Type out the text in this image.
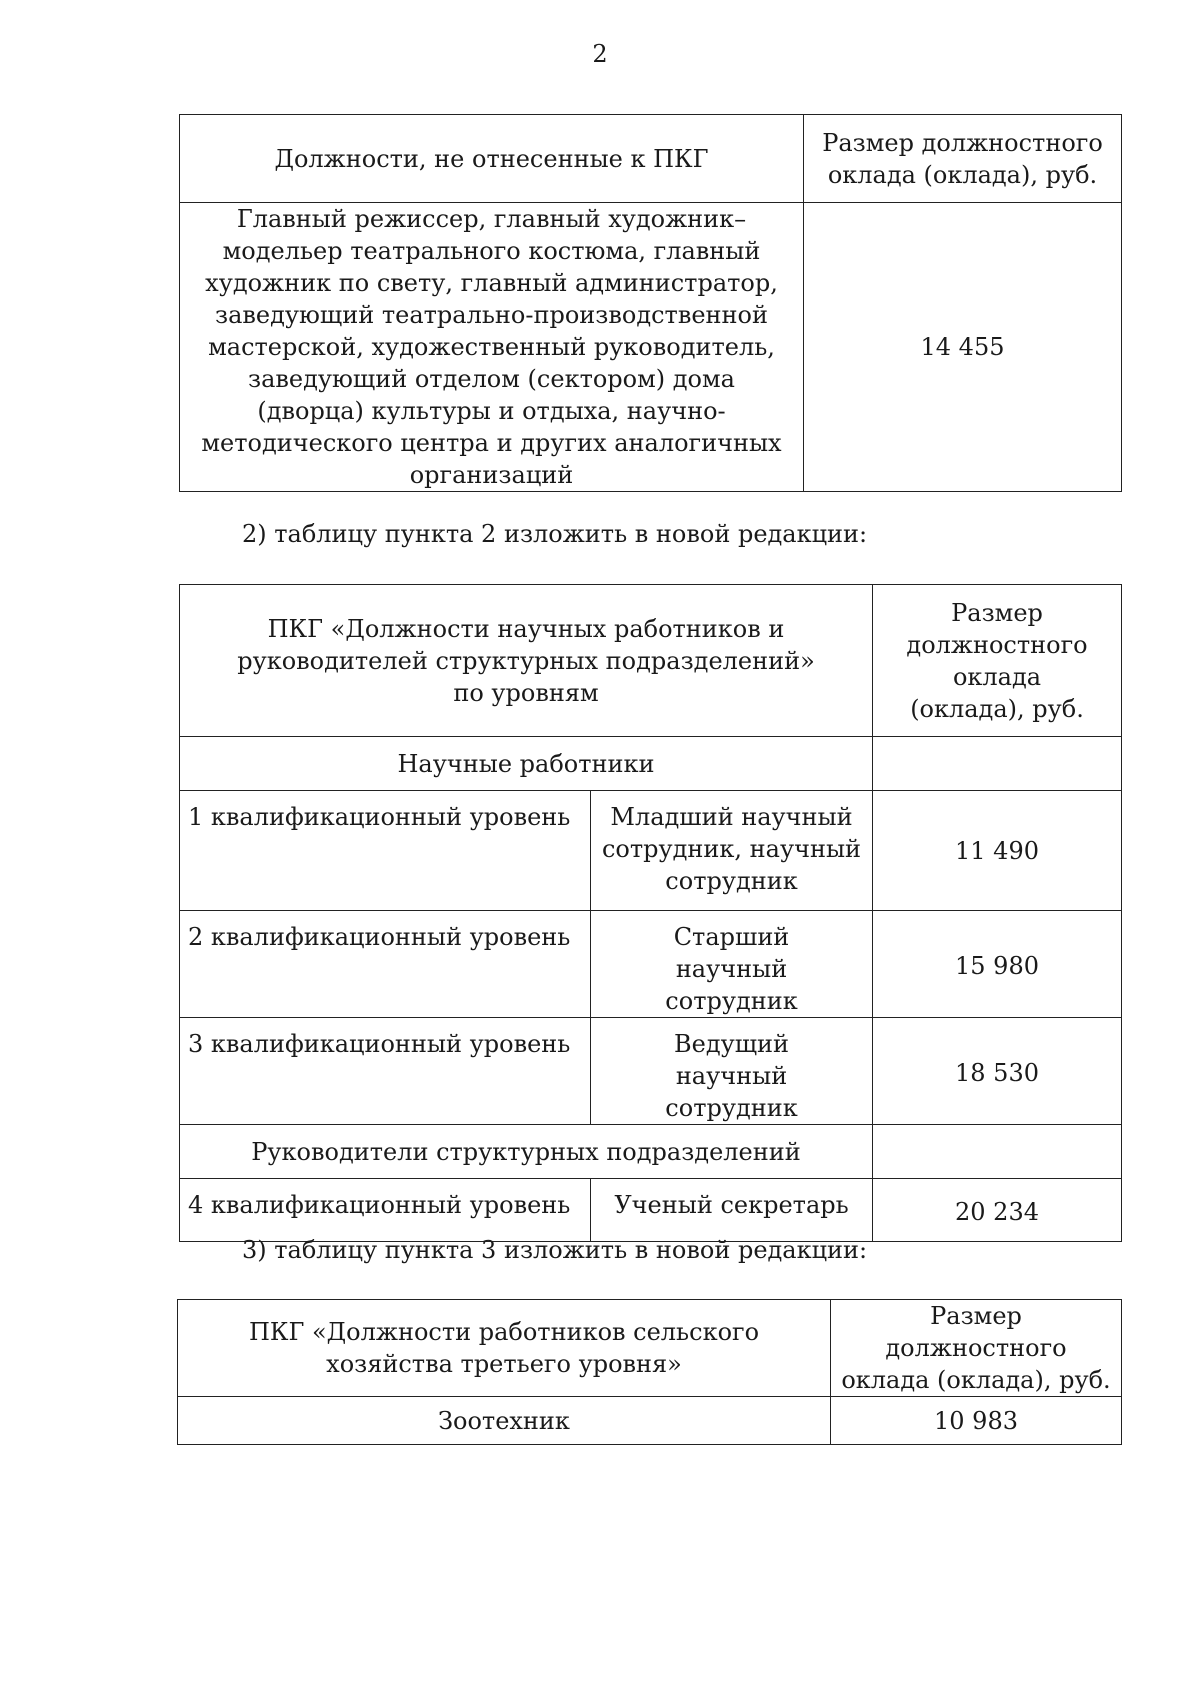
2
Должности, не отнесенные к ПКГ	Размер должностного оклада (оклада), руб.
Главный режиссер, главный художник–модельер театрального костюма, главный художник по свету, главный администратор, заведующий театрально-производственной мастерской, художественный руководитель, заведующий отделом (сектором) дома (дворца) культуры и отдыха, научно-методического центра и других аналогичных организаций	14 455
2) таблицу пункта 2 изложить в новой редакции:
ПКГ «Должности научных работников и руководителей структурных подразделений» по уровням		Размер должностного оклада (оклада), руб.
Научные работники		
1 квалификационный уровень	Младший научный сотрудник, научный сотрудник	11 490
2 квалификационный уровень	Старший научный сотрудник	15 980
3 квалификационный уровень	Ведущий научный сотрудник	18 530
Руководители структурных подразделений		
4 квалификационный уровень	Ученый секретарь	20 234
3) таблицу пункта 3 изложить в новой редакции:
ПКГ «Должности работников сельского хозяйства третьего уровня»	Размер должностного оклада (оклада), руб.
Зоотехник	10 983
